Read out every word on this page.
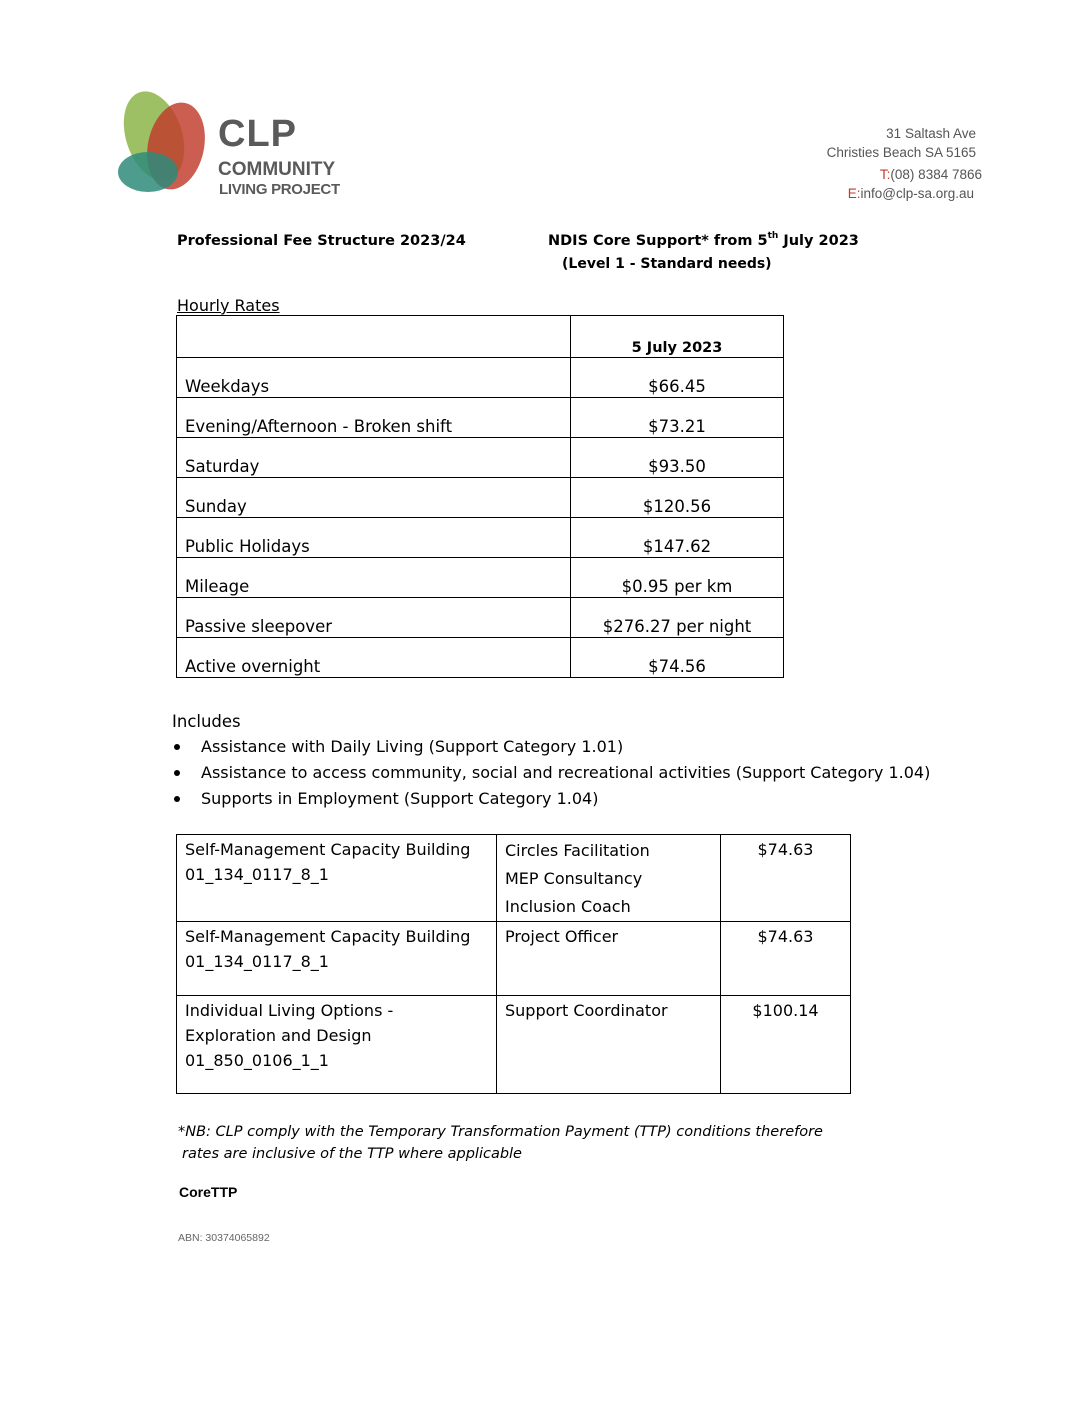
CLP
COMMUNITY
LIVING PROJECT
31 Saltash Ave
Christies Beach SA 5165
T:(08) 8384 7866
E:info@clp-sa.org.au
Professional Fee Structure 2023/24	NDIS Core Support* from 5th July 2023
(Level 1 - Standard needs)
Hourly Rates
	5 July 2023
Weekdays	$66.45
Evening/Afternoon - Broken shift	$73.21
Saturday	$93.50
Sunday	$120.56
Public Holidays	$147.62
Mileage	$0.95 per km
Passive sleepover	$276.27 per night
Active overnight	$74.56
Includes
Assistance with Daily Living (Support Category 1.01)
Assistance to access community, social and recreational activities (Support Category 1.04)
Supports in Employment (Support Category 1.04)
Self-Management Capacity Building
01_134_0117_8_1	Circles Facilitation
MEP Consultancy
Inclusion Coach	$74.63

Self-Management Capacity Building
01_134_0117_8_1	Project Officer	$74.63

Individual Living Options -
Exploration and Design
01_850_0106_1_1	Support Coordinator	$100.14
*NB: CLP comply with the Temporary Transformation Payment (TTP) conditions therefore
rates are inclusive of the TTP where applicable
CoreTTP
ABN: 30374065892
